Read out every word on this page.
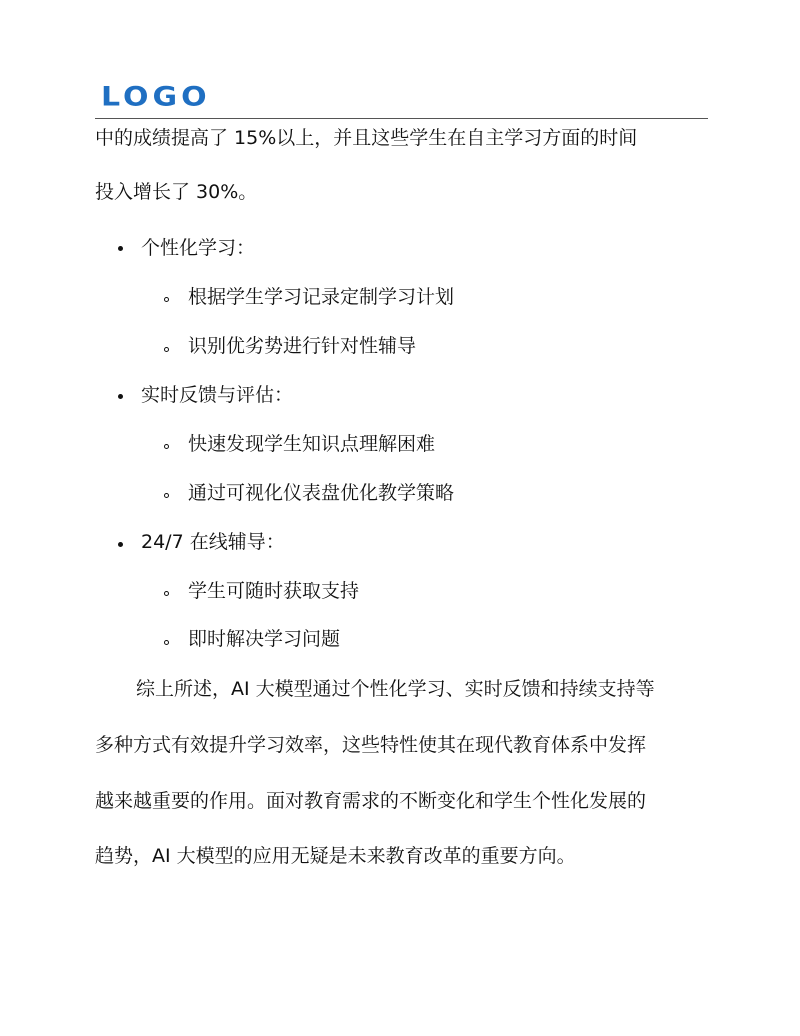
LOGO
中的成绩提高了 15%以上，并且这些学生在自主学习方面的时间
投入增长了 30%。
个性化学习：
根据学生学习记录定制学习计划
识别优劣势进行针对性辅导
实时反馈与评估：
快速发现学生知识点理解困难
通过可视化仪表盘优化教学策略
24/7 在线辅导：
学生可随时获取支持
即时解决学习问题
综上所述，AI 大模型通过个性化学习、实时反馈和持续支持等
多种方式有效提升学习效率，这些特性使其在现代教育体系中发挥
越来越重要的作用。面对教育需求的不断变化和学生个性化发展的
趋势，AI 大模型的应用无疑是未来教育改革的重要方向。
